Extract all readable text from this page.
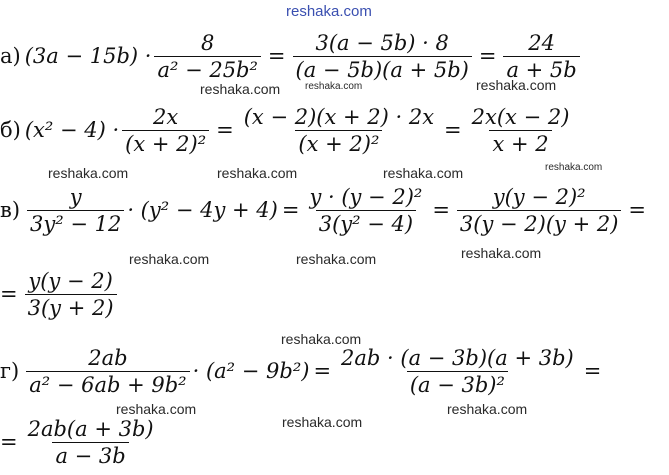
reshaka.com
reshaka.com reshaka.com	reshaka.com
reshaka.com	reshaka.com	reshaka.com	reshaka.com
reshaka.com	reshaka.com	reshaka.com
reshaka.com
reshaka.com	reshaka.com
reshaka.com
а) $(3a - 15b) \cdot \frac{8}{\text{a² − 25b²}} = \frac{3(a - 5b) \cdot 8}{(a - 5b)(a + 5b)} = \frac{24}{a + 5b}$
б) $(x^2 - 4) \cdot \frac{2x}{\text{(x + 2)²}} = \frac{(x - 2)(x + 2) \cdot 2x}{\text{(x + 2)²}} = \frac{2x(x - 2)}{x + 2}$
$в) \frac{y}{\text{3y² − 12}} \cdot (y^2 - 4y + 4) = \frac{\text{y · (y − 2)²}}{\text{3(y² − 4)}} = \frac{\text{y(y − 2)²}}{3(y - 2)(y + 2)}$ =
= $\frac{y(y - 2)}{3(y + 2)}$
$г) \frac{2ab}{\text{a² − 6ab + 9b²}} \cdot (a^2 - 9b^2) = \frac{2ab \cdot (a - 3b)(a + 3b)}{\text{(a − 3b)²}}$ =
= $\frac{2ab(a + 3b)}{a - 3b}$
